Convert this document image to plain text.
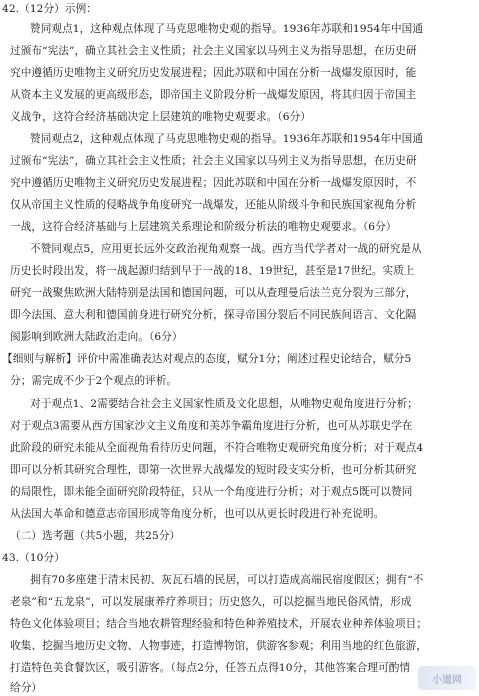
42.（12分）示例：
赞同观点1，这种观点体现了马克思唯物史观的指导。1936年苏联和1954年中国通
过颁布“宪法”，确立其社会主义性质；社会主义国家以马列主义为指导思想，在历史研
究中遵循历史唯物主义研究历史发展进程；因此苏联和中国在分析一战爆发原因时，能
从资本主义发展的更高级形态，即帝国主义阶段分析一战爆发原因，将其归因于帝国主
义战争，这符合经济基础决定上层建筑的唯物史观要求。（6分）
赞同观点2，这种观点体现了马克思唯物史观的指导。1936年苏联和1954年中国通
过颁布“宪法”，确立其社会主义性质；社会主义国家以马列主义为指导思想，在历史研
究中遵循历史唯物主义研究历史发展进程；因此苏联和中国在分析一战爆发原因时，不
仅从帝国主义性质的侵略战争角度研究一战爆发，还能从阶级斗争和民族国家视角分析
一战，这符合经济基础与上层建筑关系理论和阶级分析法的唯物史观要求。（6分）
不赞同观点5，应用更长远外交政治视角观察一战。西方当代学者对一战的研究是从
历史长时段出发，将一战起源归结到早于一战的18、19世纪，甚至是17世纪。实质上
研究一战聚焦欧洲大陆特别是法国和德国问题，可以从查理曼后法兰克分裂为三部分，
即今法国、意大利和德国前身进行研究分析，探寻帝国分裂后不同民族间语言、文化隔
阂影响到欧洲大陆政治走向。（6分）
【细则与解析】评价中需准确表达对观点的态度，赋分1分；阐述过程史论结合，赋分5
分；需完成不少于2个观点的评析。
对于观点1、2需要结合社会主义国家性质及文化思想，从唯物史观角度进行分析；
对于观点3需要从西方国家沙文主义角度和美苏争霸角度进行分析，也可从苏联史学在
此阶段的研究未能从全面视角看待历史问题，不符合唯物史观研究角度分析；对于观点4
即可以分析其研究合理性，即第一次世界大战爆发的短时段支实分析，也可分析其研究
的局限性，即未能全面研究阶段特征，只从一个角度进行分析；对于观点5既可以赞同
从法国大革命和德意志帝国形成等角度分析，也可以从更长时段进行补充说明。
（二）选考题（共5小题，共25分）
43.（10分）
拥有70多座建于清末民初、灰瓦石墙的民居，可以打造成高端民宿度假区；拥有“不
老泉”和“五龙泉”，可以发展康养疗养项目；历史悠久，可以挖掘当地民俗风情，形成
特色文化体验项目；结合当地农耕管理经验和特色种养殖技术，开展农业种养体验项目；
收集、挖掘当地历史文物、人物事迹，打造博物馆，供游客参观；利用当地的红色旅游，
打造特色美食餐饮区，吸引游客。（每点2分，任答五点得10分，其他答案合理可酌情
给分）
小道网
